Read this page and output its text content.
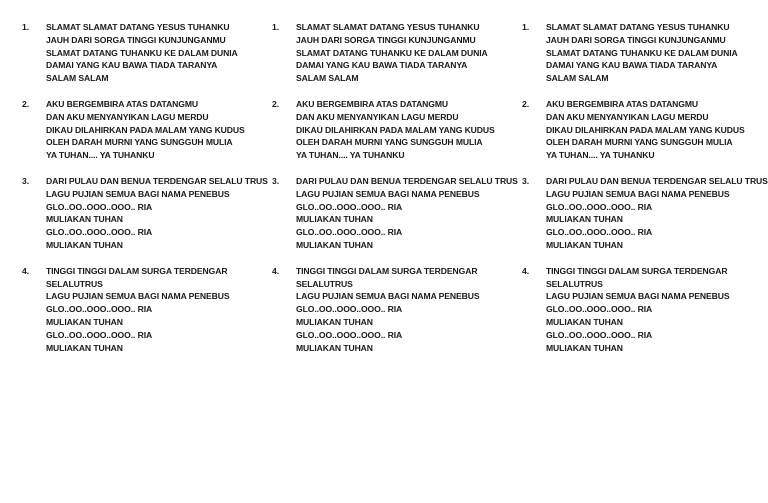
1. SLAMAT SLAMAT DATANG YESUS TUHANKU
JAUH DARI SORGA TINGGI KUNJUNGANMU
SLAMAT DATANG TUHANKU KE DALAM DUNIA
DAMAI YANG KAU BAWA TIADA TARANYA
SALAM SALAM
2. AKU BERGEMBIRA ATAS DATANGMU
DAN AKU MENYANYIKAN LAGU MERDU
DIKAU DILAHIRKAN PADA MALAM YANG KUDUS
OLEH DARAH MURNI YANG SUNGGUH MULIA
YA TUHAN.... YA TUHANKU
3. DARI PULAU DAN BENUA TERDENGAR SELALU TRUS
LAGU PUJIAN SEMUA BAGI NAMA PENEBUS
GLO..OO..OOO..OOO.. RIA
MULIAKAN TUHAN
GLO..OO..OOO..OOO.. RIA
MULIAKAN TUHAN
4. TINGGI TINGGI DALAM SURGA TERDENGAR
SELALUTRUS
LAGU PUJIAN SEMUA BAGI NAMA PENEBUS
GLO..OO..OOO..OOO.. RIA
MULIAKAN TUHAN
GLO..OO..OOO..OOO.. RIA
MULIAKAN TUHAN
1. SLAMAT SLAMAT DATANG YESUS TUHANKU
JAUH DARI SORGA TINGGI KUNJUNGANMU
SLAMAT DATANG TUHANKU KE DALAM DUNIA
DAMAI YANG KAU BAWA TIADA TARANYA
SALAM SALAM
2. AKU BERGEMBIRA ATAS DATANGMU
DAN AKU MENYANYIKAN LAGU MERDU
DIKAU DILAHIRKAN PADA MALAM YANG KUDUS
OLEH DARAH MURNI YANG SUNGGUH MULIA
YA TUHAN.... YA TUHANKU
3. DARI PULAU DAN BENUA TERDENGAR SELALU TRUS
LAGU PUJIAN SEMUA BAGI NAMA PENEBUS
GLO..OO..OOO..OOO.. RIA
MULIAKAN TUHAN
GLO..OO..OOO..OOO.. RIA
MULIAKAN TUHAN
4. TINGGI TINGGI DALAM SURGA TERDENGAR
SELALUTRUS
LAGU PUJIAN SEMUA BAGI NAMA PENEBUS
GLO..OO..OOO..OOO.. RIA
MULIAKAN TUHAN
GLO..OO..OOO..OOO.. RIA
MULIAKAN TUHAN
1. SLAMAT SLAMAT DATANG YESUS TUHANKU
JAUH DARI SORGA TINGGI KUNJUNGANMU
SLAMAT DATANG TUHANKU KE DALAM DUNIA
DAMAI YANG KAU BAWA TIADA TARANYA
SALAM SALAM
2. AKU BERGEMBIRA ATAS DATANGMU
DAN AKU MENYANYIKAN LAGU MERDU
DIKAU DILAHIRKAN PADA MALAM YANG KUDUS
OLEH DARAH MURNI YANG SUNGGUH MULIA
YA TUHAN.... YA TUHANKU
3. DARI PULAU DAN BENUA TERDENGAR SELALU TRUS
LAGU PUJIAN SEMUA BAGI NAMA PENEBUS
GLO..OO..OOO..OOO.. RIA
MULIAKAN TUHAN
GLO..OO..OOO..OOO.. RIA
MULIAKAN TUHAN
4. TINGGI TINGGI DALAM SURGA TERDENGAR
SELALUTRUS
LAGU PUJIAN SEMUA BAGI NAMA PENEBUS
GLO..OO..OOO..OOO.. RIA
MULIAKAN TUHAN
GLO..OO..OOO..OOO.. RIA
MULIAKAN TUHAN
